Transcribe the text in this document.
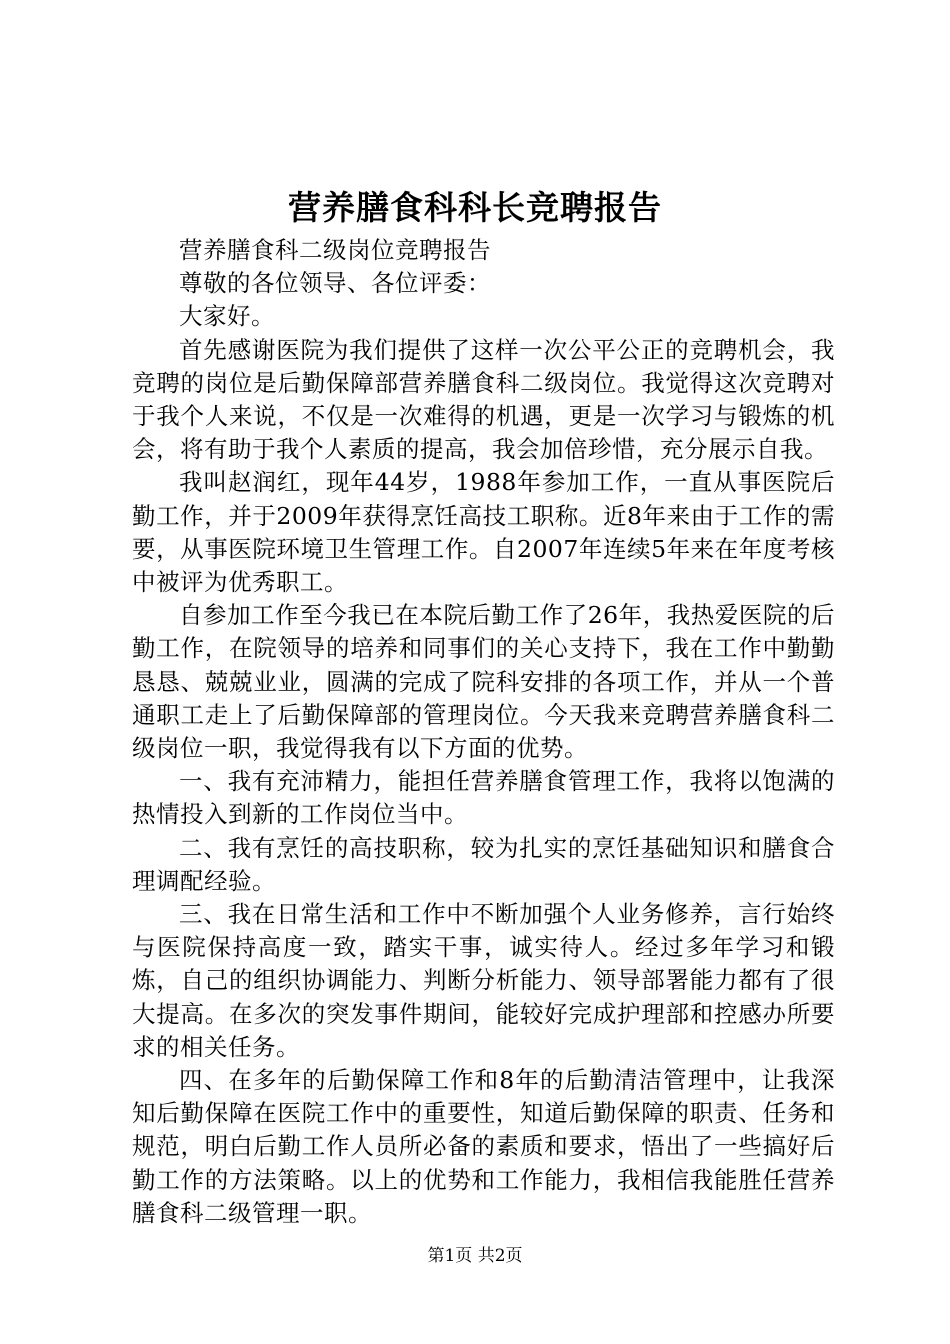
营养膳食科科长竞聘报告

营养膳食科二级岗位竞聘报告

尊敬的各位领导、各位评委：

大家好。

首先感谢医院为我们提供了这样一次公平公正的竞聘机会，我竞聘的岗位是后勤保障部营养膳食科二级岗位。我觉得这次竞聘对于我个人来说，不仅是一次难得的机遇，更是一次学习与锻炼的机会，将有助于我个人素质的提高，我会加倍珍惜，充分展示自我。

我叫赵润红，现年44岁，1988年参加工作，一直从事医院后勤工作，并于2009年获得烹饪高技工职称。近8年来由于工作的需要，从事医院环境卫生管理工作。自2007年连续5年来在年度考核中被评为优秀职工。

自参加工作至今我已在本院后勤工作了26年，我热爱医院的后勤工作，在院领导的培养和同事们的关心支持下，我在工作中勤勤恳恳、兢兢业业，圆满的完成了院科安排的各项工作，并从一个普通职工走上了后勤保障部的管理岗位。今天我来竞聘营养膳食科二级岗位一职，我觉得我有以下方面的优势。

一、我有充沛精力，能担任营养膳食管理工作，我将以饱满的热情投入到新的工作岗位当中。

二、我有烹饪的高技职称，较为扎实的烹饪基础知识和膳食合理调配经验。

三、我在日常生活和工作中不断加强个人业务修养，言行始终与医院保持高度一致，踏实干事，诚实待人。经过多年学习和锻炼，自己的组织协调能力、判断分析能力、领导部署能力都有了很大提高。在多次的突发事件期间，能较好完成护理部和控感办所要求的相关任务。

四、在多年的后勤保障工作和8年的后勤清洁管理中，让我深知后勤保障在医院工作中的重要性，知道后勤保障的职责、任务和规范，明白后勤工作人员所必备的素质和要求，悟出了一些搞好后勤工作的方法策略。以上的优势和工作能力，我相信我能胜任营养膳食科二级管理一职。

第1页 共2页
